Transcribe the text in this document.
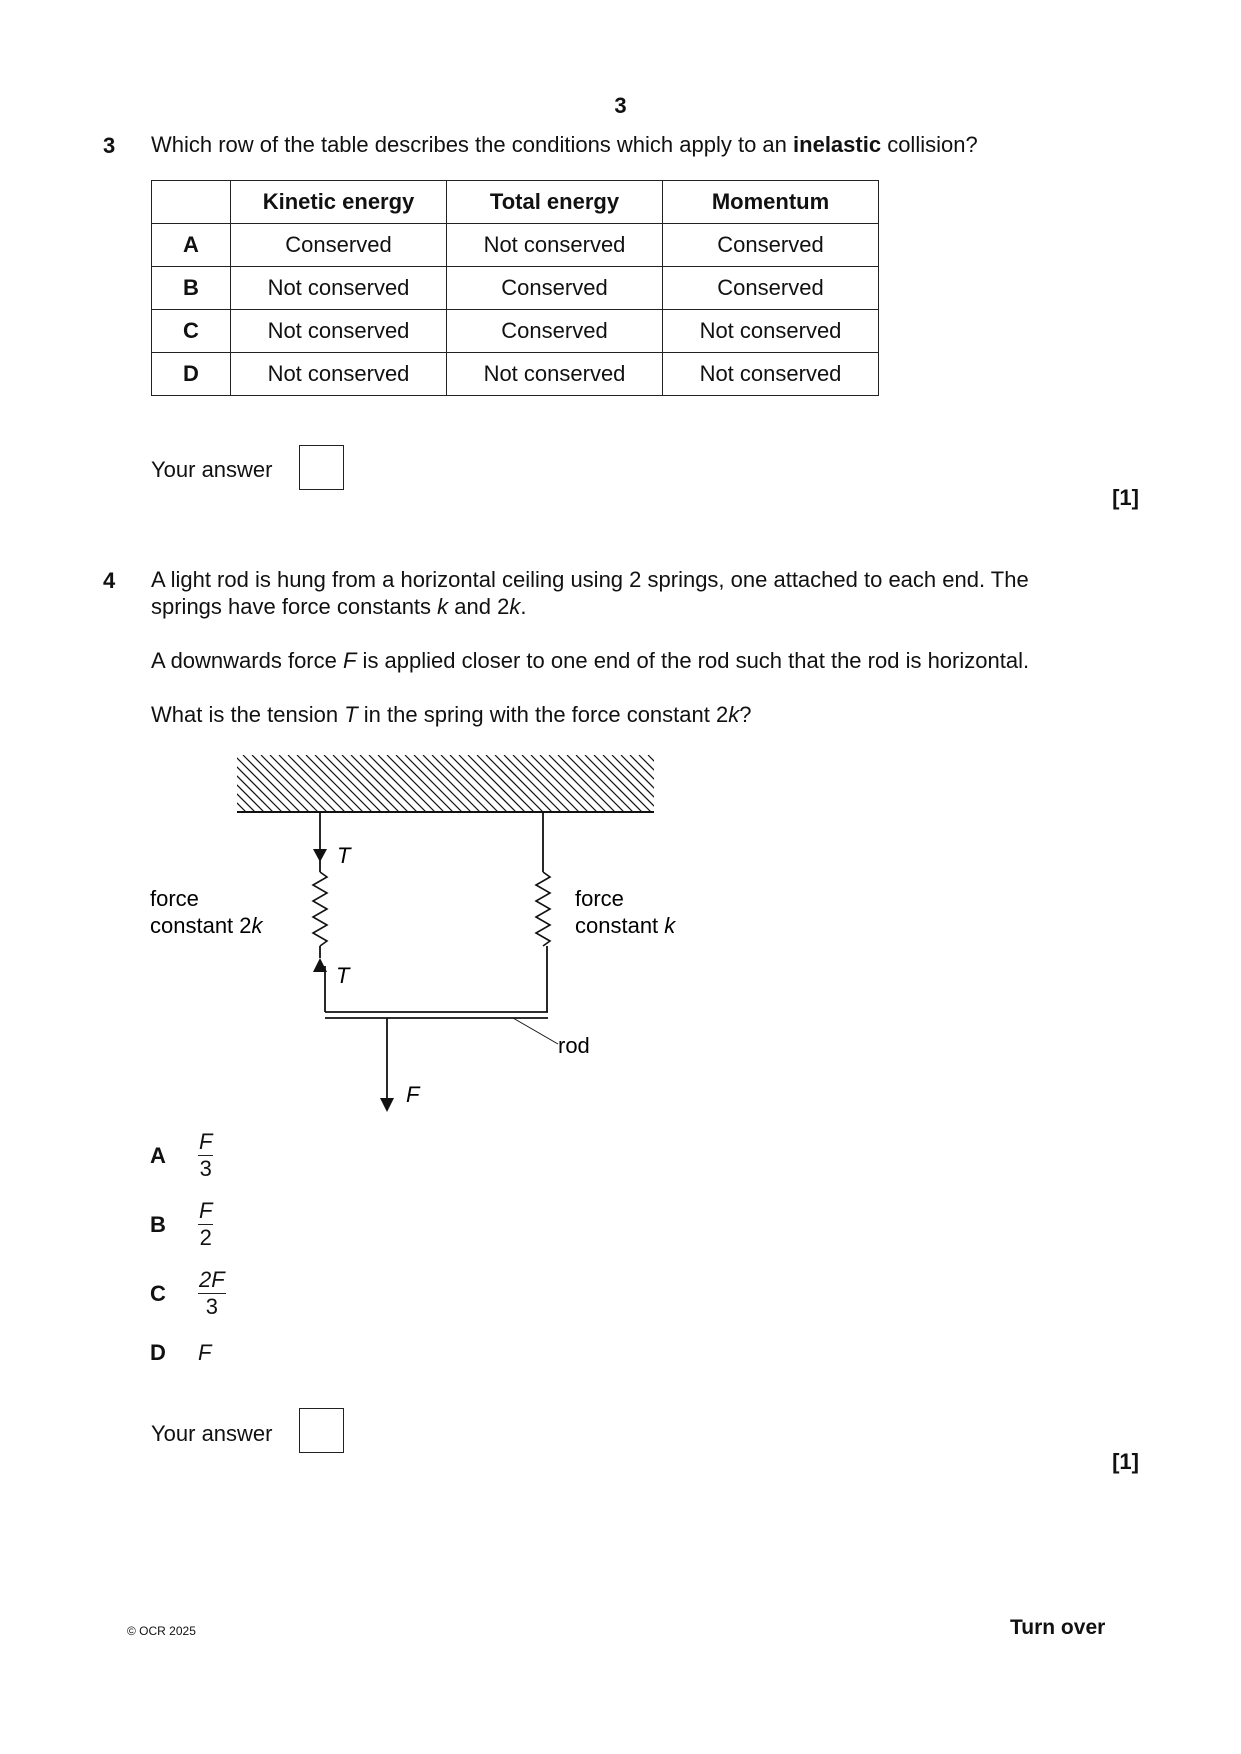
3
3 Which row of the table describes the conditions which apply to an inelastic collision?
	Kinetic energy	Total energy	Momentum
A	Conserved	Not conserved	Conserved
B	Not conserved	Conserved	Conserved
C	Not conserved	Conserved	Not conserved
D	Not conserved	Not conserved	Not conserved
Your answer
[1]
4 A light rod is hung from a horizontal ceiling using 2 springs, one attached to each end. The
springs have force constants k and 2k.
A downwards force F is applied closer to one end of the rod such that the rod is horizontal.
What is the tension T in the spring with the force constant 2k?
T
T
force
constant 2k
force
constant k
rod
F
A $\frac{F}{3}$
B $\frac{F}{2}$
C $\frac{2F}{3}$
D F
Your answer
[1]
© OCR 2025	Turn over
